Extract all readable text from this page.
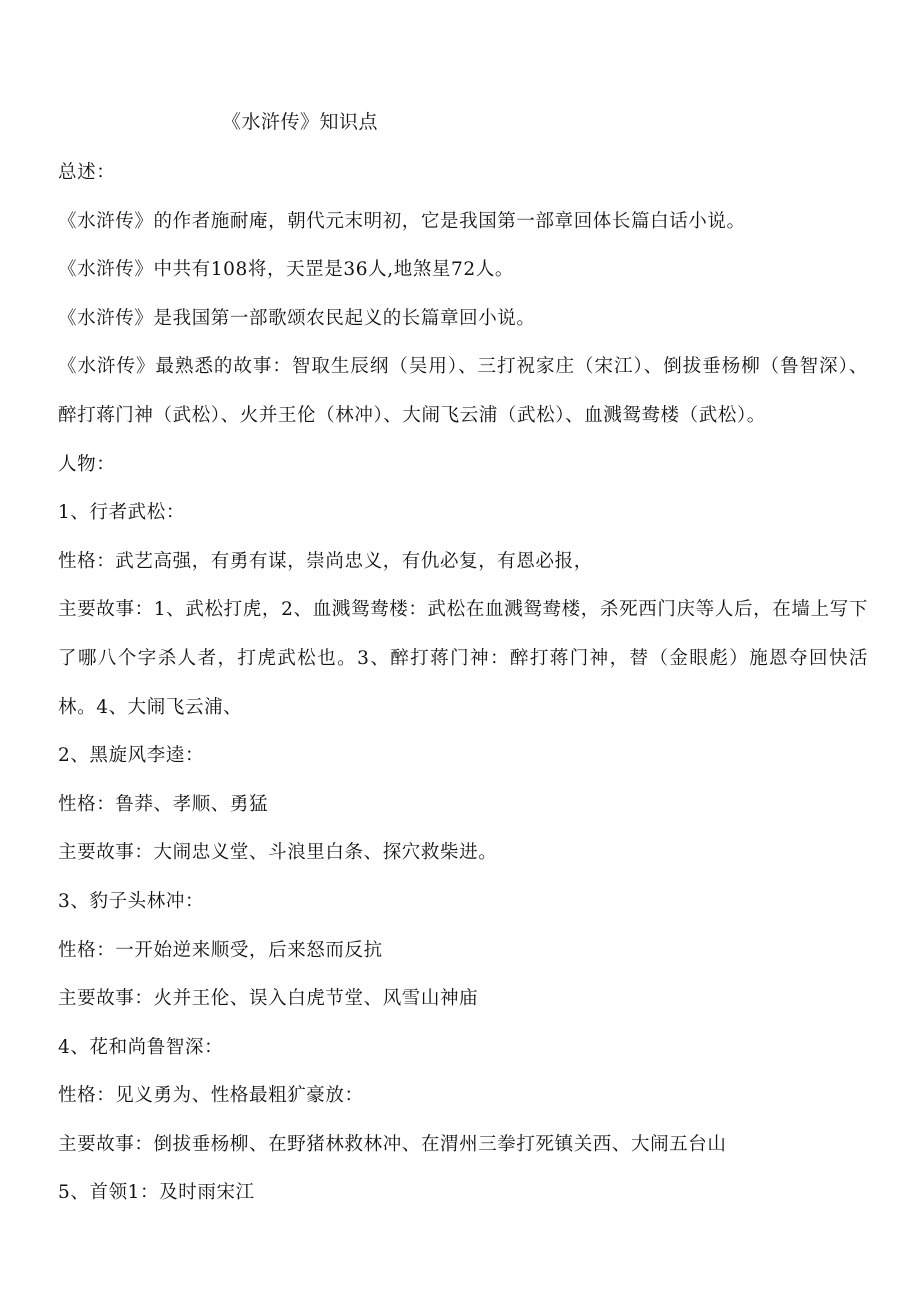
《水浒传》知识点

总述：

《水浒传》的作者施耐庵，朝代元末明初，它是我国第一部章回体长篇白话小说。

《水浒传》中共有108将，天罡是36人,地煞星72人。

《水浒传》是我国第一部歌颂农民起义的长篇章回小说。

《水浒传》最熟悉的故事：智取生辰纲（吴用）、三打祝家庄（宋江）、倒拔垂杨柳（鲁智深）、醉打蒋门神（武松）、火并王伦（林冲）、大闹飞云浦（武松）、血溅鸳鸯楼（武松）。

人物：

1、行者武松：

性格：武艺高强，有勇有谋，崇尚忠义，有仇必复，有恩必报，

主要故事：1、武松打虎，2、血溅鸳鸯楼：武松在血溅鸳鸯楼，杀死西门庆等人后，在墙上写下了哪八个字杀人者，打虎武松也。3、醉打蒋门神：醉打蒋门神，替（金眼彪）施恩夺回快活林。4、大闹飞云浦、

2、黑旋风李逵：

性格：鲁莽、孝顺、勇猛

主要故事：大闹忠义堂、斗浪里白条、探穴救柴进。

3、豹子头林冲：

性格：一开始逆来顺受，后来怒而反抗

主要故事：火并王伦、误入白虎节堂、风雪山神庙

4、花和尚鲁智深：

性格：见义勇为、性格最粗犷豪放：

主要故事：倒拔垂杨柳、在野猪林救林冲、在渭州三拳打死镇关西、大闹五台山

5、首领1：及时雨宋江
